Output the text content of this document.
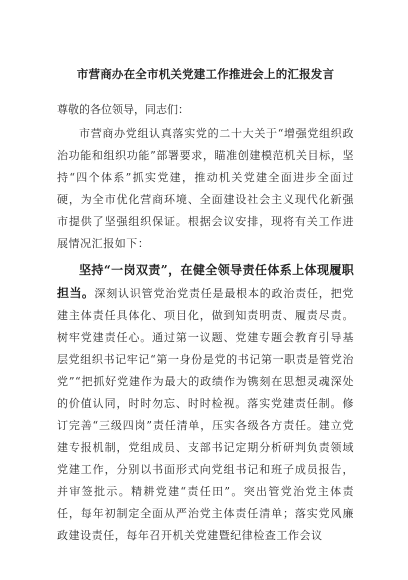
市营商办在全市机关党建工作推进会上的汇报发言

尊敬的各位领导，同志们：

市营商办党组认真落实党的二十大关于“增强党组织政治功能和组织功能”部署要求，瞄准创建模范机关目标，坚持“四个体系”抓实党建，推动机关党建全面进步全面过硬，为全市优化营商环境、全面建设社会主义现代化新强市提供了坚强组织保证。根据会议安排，现将有关工作进展情况汇报如下：

坚持“一岗双责”，在健全领导责任体系上体现履职担当。深刻认识管党治党责任是最根本的政治责任，把党建主体责任具体化、项目化，做到知责明责、履责尽责。树牢党建责任心。通过第一议题、党建专题会教育引导基层党组织书记牢记“第一身份是党的书记第一职责是管党治党”“把抓好党建作为最大的政绩作为镌刻在思想灵魂深处的价值认同，时时勿忘、时时检视。落实党建责任制。修订完善“三级四岗”责任清单，压实各级各方责任。建立党建专报机制，党组成员、支部书记定期分析研判负责领域党建工作，分别以书面形式向党组书记和班子成员报告，并审签批示。精耕党建“责任田”。突出管党治党主体责任，每年初制定全面从严治党主体责任清单；落实党风廉政建设责任，每年召开机关党建暨纪律检查工作会议
